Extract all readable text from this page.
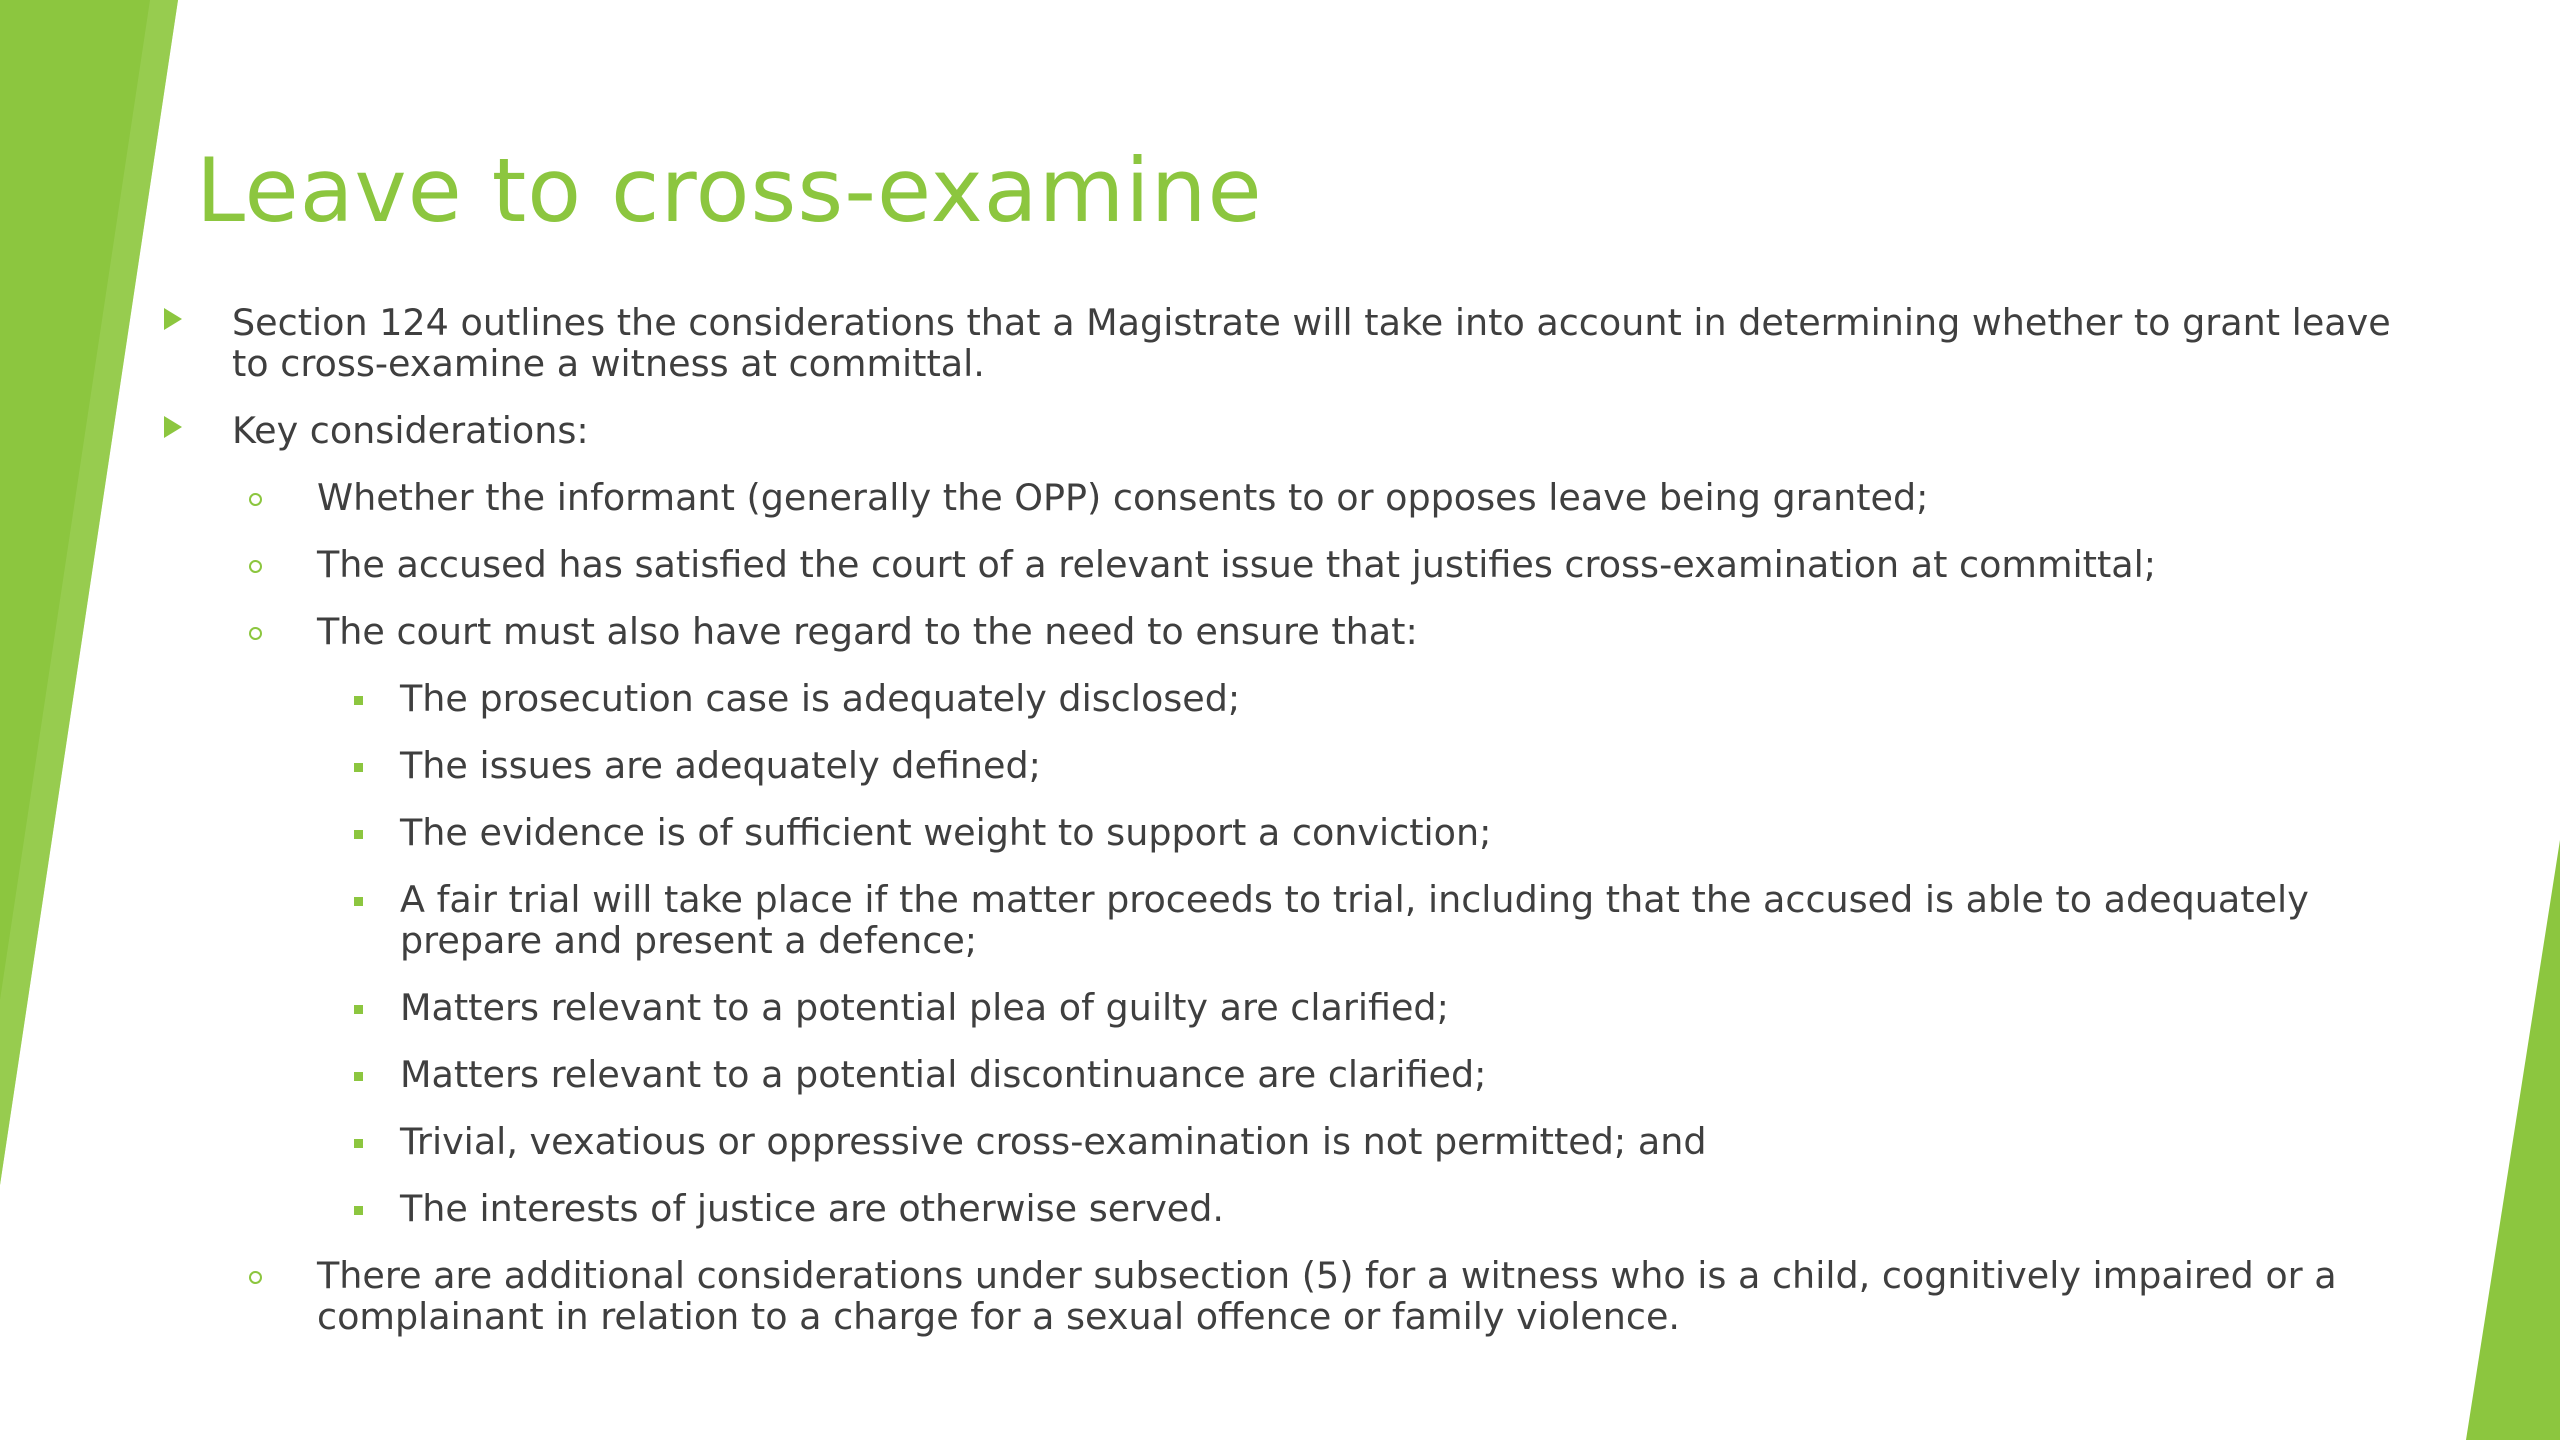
Leave to cross-examine
Section 124 outlines the considerations that a Magistrate will take into account in determining whether to grant leave to cross-examine a witness at committal.
Key considerations:
Whether the informant (generally the OPP) consents to or opposes leave being granted;
The accused has satisfied the court of a relevant issue that justifies cross-examination at committal;
The court must also have regard to the need to ensure that:
The prosecution case is adequately disclosed;
The issues are adequately defined;
The evidence is of sufficient weight to support a conviction;
A fair trial will take place if the matter proceeds to trial, including that the accused is able to adequately prepare and present a defence;
Matters relevant to a potential plea of guilty are clarified;
Matters relevant to a potential discontinuance are clarified;
Trivial, vexatious or oppressive cross-examination is not permitted; and
The interests of justice are otherwise served.
There are additional considerations under subsection (5) for a witness who is a child, cognitively impaired or a complainant in relation to a charge for a sexual offence or family violence.
